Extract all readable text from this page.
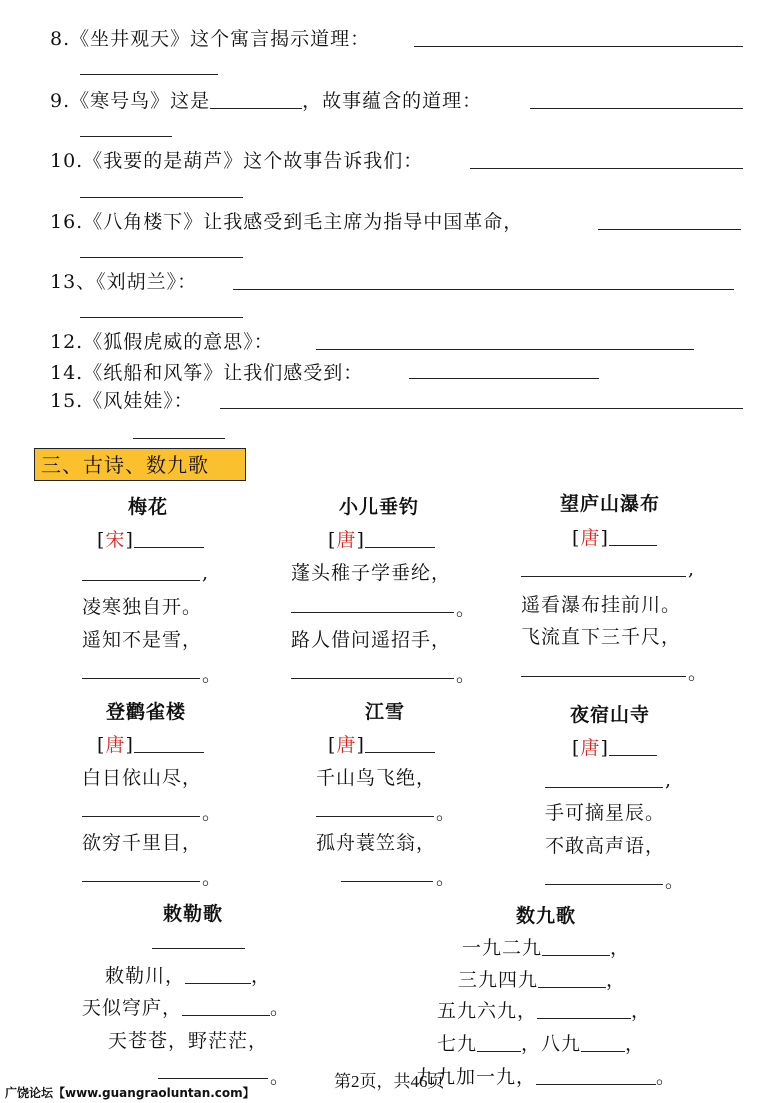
8.《坐井观天》这个寓言揭示道理：
9.《寒号鸟》这是	，故事蕴含的道理：
10.《我要的是葫芦》这个故事告诉我们：
16.《八角楼下》让我感受到毛主席为指导中国革命，
13、《刘胡兰》：
12.《狐假虎威的意思》：
14.《纸船和风筝》让我们感受到：
15.《风娃娃》：
三、古诗、数九歌
梅花
[宋]
,
凌寒独自开。
遥知不是雪，
。
小儿垂钓
[唐]
蓬头稚子学垂纶，
。
路人借问遥招手，
。
望庐山瀑布
[唐]
,
遥看瀑布挂前川。
飞流直下三千尺，
。
登鹳雀楼
[唐]
白日依山尽，
。
欲穷千里目，
。
江雪
[唐]
千山鸟飞绝，
。
孤舟蓑笠翁，
。
夜宿山寺
[唐]
,
手可摘星辰。
不敢高声语，
。
敕勒歌
敕勒川，	，
天似穹庐，	。
天苍苍，野茫茫，
。
数九歌
一九二九	，
三九四九	，
五九六九，	，
七九 ，八九 ，
九九加一九，	。
广饶论坛【www.guangraoluntan.com】
第2页，共46页
